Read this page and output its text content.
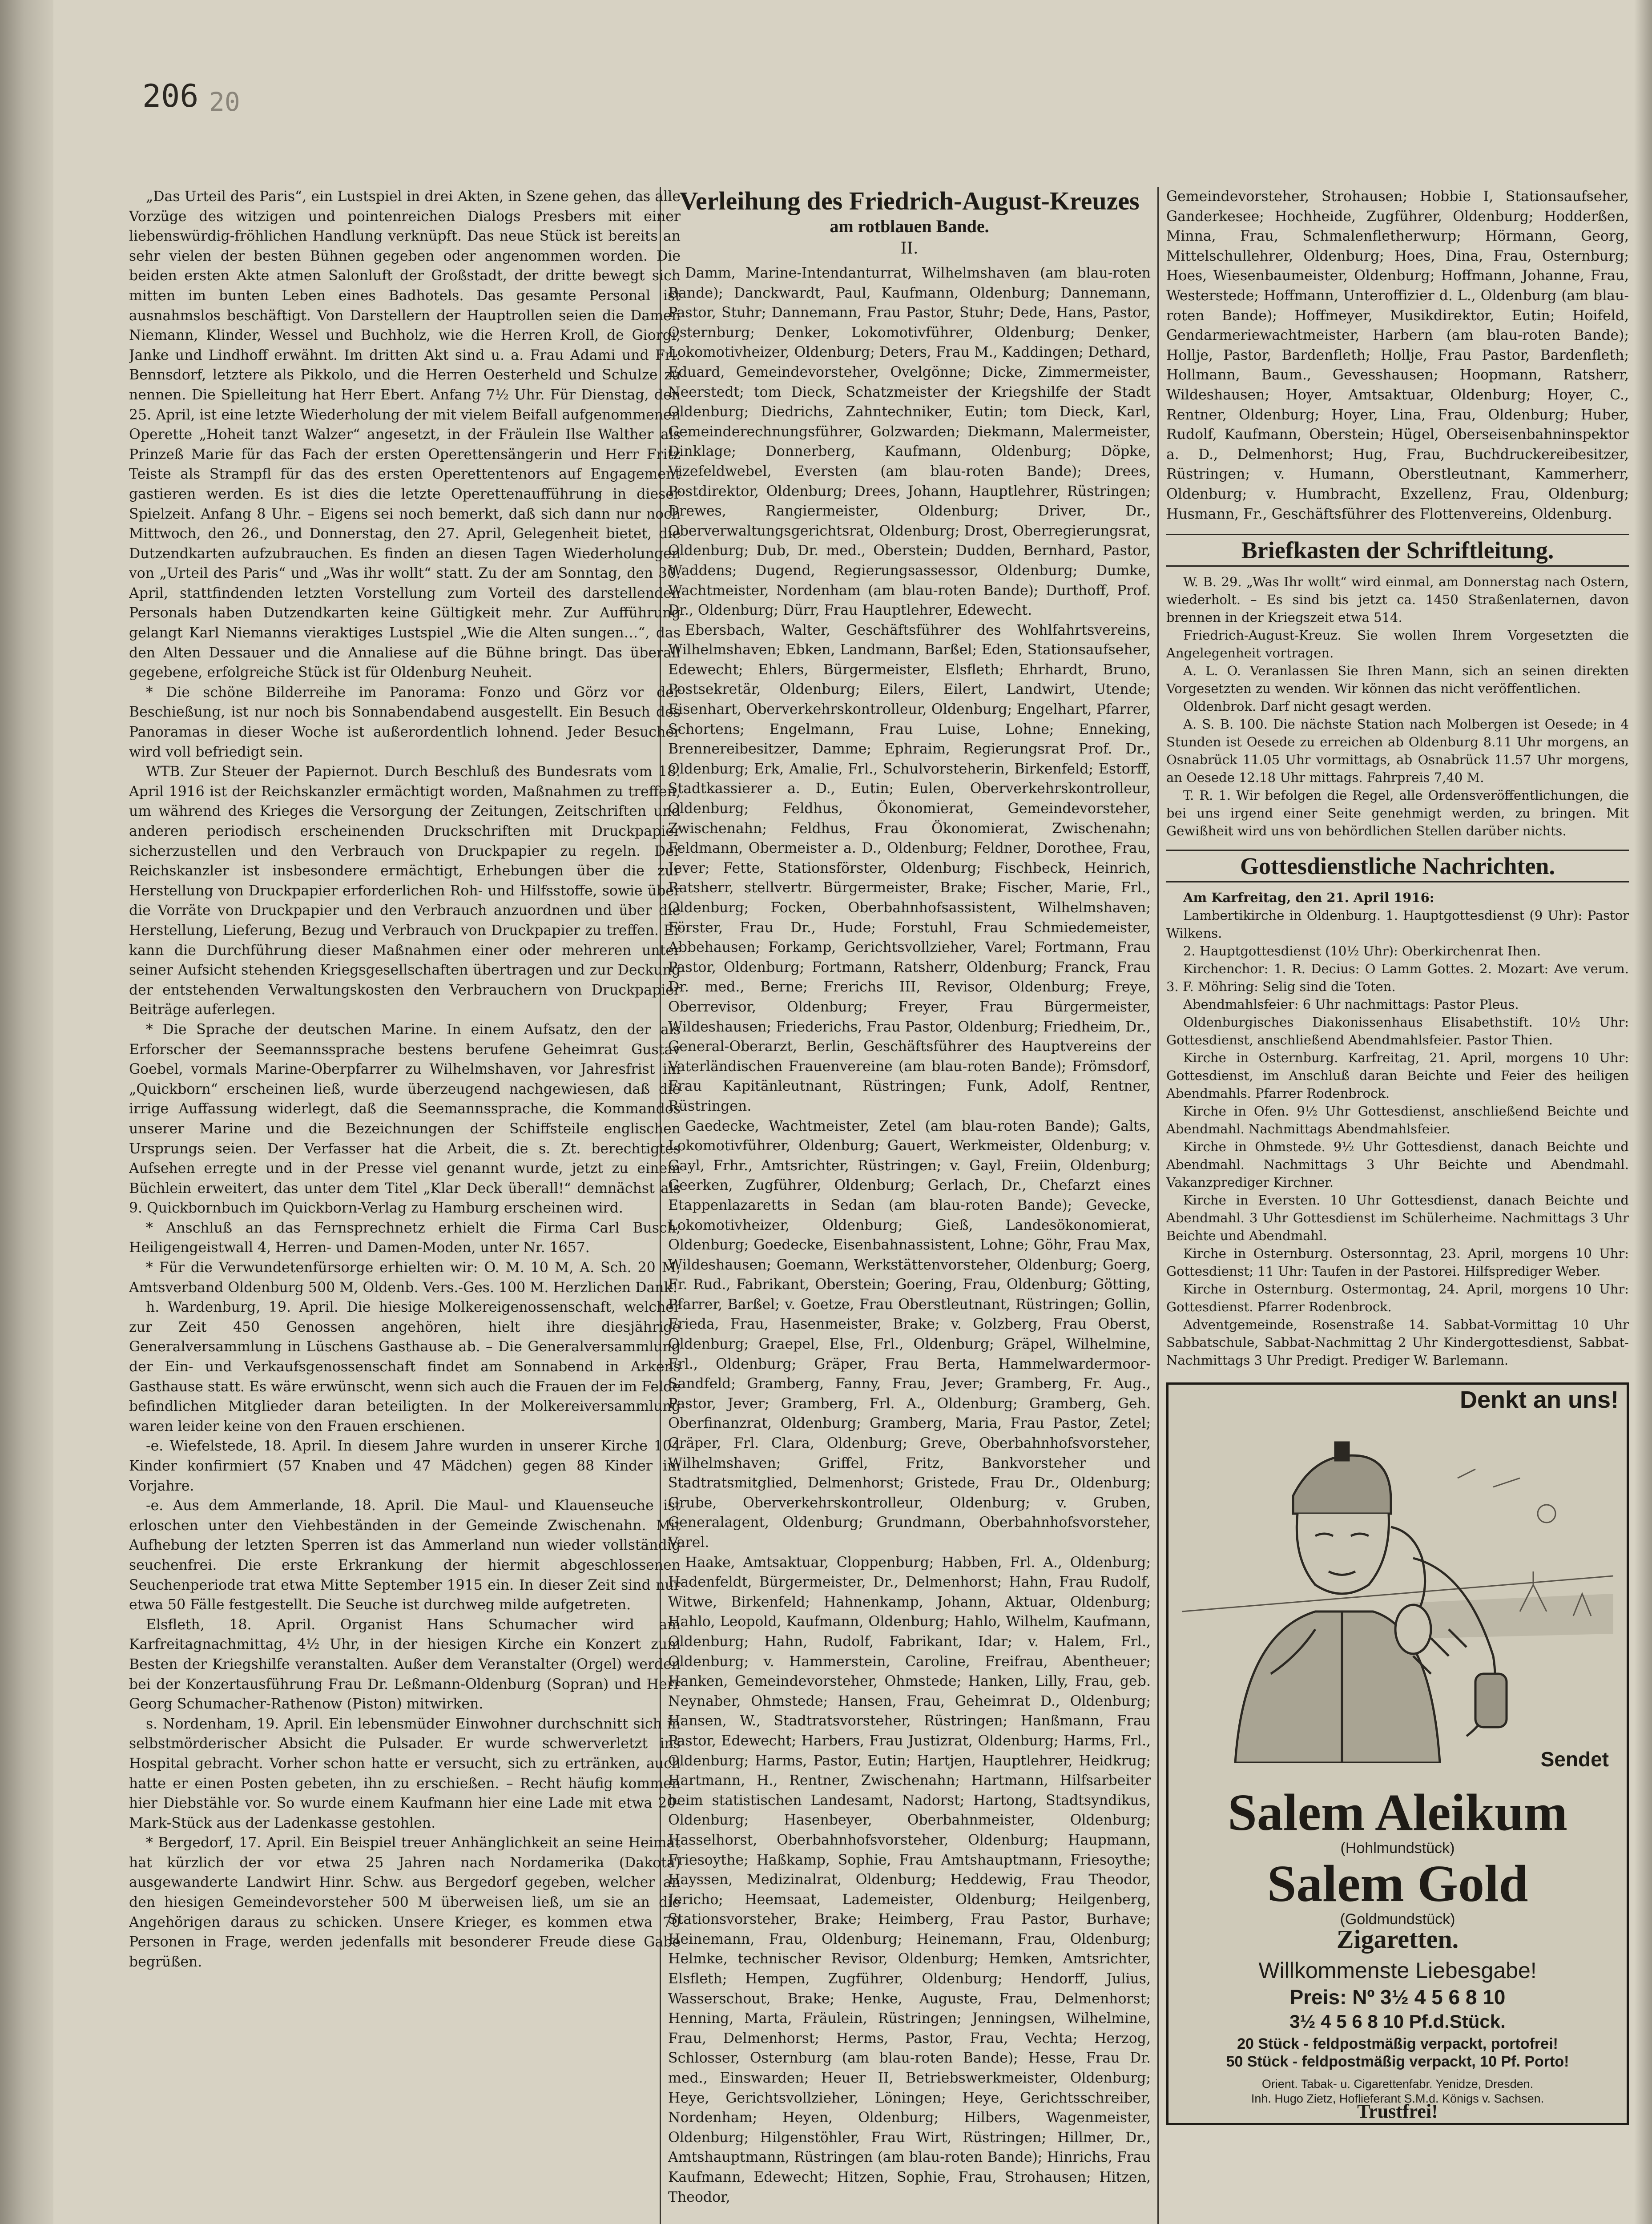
206 20

„Das Urteil des Paris“, ein Lustspiel in drei Akten, in Szene gehen, das alle Vorzüge des witzigen und pointenreichen Dialogs Presbers mit einer liebenswürdig-fröhlichen Handlung verknüpft. Das neue Stück ist bereits an sehr vielen der besten Bühnen gegeben oder angenommen worden. Die beiden ersten Akte atmen Salonluft der Großstadt, der dritte bewegt sich mitten im bunten Leben eines Badhotels. Das gesamte Personal ist ausnahmslos beschäftigt. Von Darstellern der Hauptrollen seien die Damen Niemann, Klinder, Wessel und Buchholz, wie die Herren Kroll, de Giorgi, Janke und Lindhoff erwähnt. Im dritten Akt sind u. a. Frau Adami und Frl. Bennsdorf, letztere als Pikkolo, und die Herren Oesterheld und Schulze zu nennen. Die Spielleitung hat Herr Ebert. Anfang 7½ Uhr. Für Dienstag, den 25. April, ist eine letzte Wiederholung der mit vielem Beifall aufgenommenen Operette „Hoheit tanzt Walzer“ angesetzt, in der Fräulein Ilse Walther als Prinzeß Marie für das Fach der ersten Operettensängerin und Herr Fritz Teiste als Strampfl für das des ersten Operettentenors auf Engagement gastieren werden. Es ist dies die letzte Operettenaufführung in dieser Spielzeit. Anfang 8 Uhr. – Eigens sei noch bemerkt, daß sich dann nur noch Mittwoch, den 26., und Donnerstag, den 27. April, Gelegenheit bietet, die Dutzendkarten aufzubrauchen. Es finden an diesen Tagen Wiederholungen von „Urteil des Paris“ und „Was ihr wollt“ statt. Zu der am Sonntag, den 30. April, stattfindenden letzten Vorstellung zum Vorteil des darstellenden Personals haben Dutzendkarten keine Gültigkeit mehr. Zur Aufführung gelangt Karl Niemanns vieraktiges Lustspiel „Wie die Alten sungen…“, das den Alten Dessauer und die Annaliese auf die Bühne bringt. Das überall gegebene, erfolgreiche Stück ist für Oldenburg Neuheit.

* Die schöne Bilderreihe im Panorama: Fonzo und Görz vor der Beschießung, ist nur noch bis Sonnabendabend ausgestellt. Ein Besuch des Panoramas in dieser Woche ist außerordentlich lohnend. Jeder Besucher wird voll befriedigt sein.

WTB. Zur Steuer der Papiernot. Durch Beschluß des Bundesrats vom 18. April 1916 ist der Reichskanzler ermächtigt worden, Maßnahmen zu treffen, um während des Krieges die Versorgung der Zeitungen, Zeitschriften und anderen periodisch erscheinenden Druckschriften mit Druckpapier sicherzustellen und den Verbrauch von Druckpapier zu regeln. Der Reichskanzler ist insbesondere ermächtigt, Erhebungen über die zur Herstellung von Druckpapier erforderlichen Roh- und Hilfsstoffe, sowie über die Vorräte von Druckpapier und den Verbrauch anzuordnen und über die Herstellung, Lieferung, Bezug und Verbrauch von Druckpapier zu treffen. Er kann die Durchführung dieser Maßnahmen einer oder mehreren unter seiner Aufsicht stehenden Kriegsgesellschaften übertragen und zur Deckung der entstehenden Verwaltungskosten den Verbrauchern von Druckpapier Beiträge auferlegen.

* Die Sprache der deutschen Marine. In einem Aufsatz, den der als Erforscher der Seemannssprache bestens berufene Geheimrat Gustav Goebel, vormals Marine-Oberpfarrer zu Wilhelmshaven, vor Jahresfrist im „Quickborn“ erscheinen ließ, wurde überzeugend nachgewiesen, daß die irrige Auffassung widerlegt, daß die Seemannssprache, die Kommandos unserer Marine und die Bezeichnungen der Schiffsteile englischen Ursprungs seien. Der Verfasser hat die Arbeit, die s. Zt. berechtigtes Aufsehen erregte und in der Presse viel genannt wurde, jetzt zu einem Büchlein erweitert, das unter dem Titel „Klar Deck überall!“ demnächst als 9. Quickbornbuch im Quickborn-Verlag zu Hamburg erscheinen wird.

* Anschluß an das Fernsprechnetz erhielt die Firma Carl Busch, Heiligengeistwall 4, Herren- und Damen-Moden, unter Nr. 1657.

* Für die Verwundetenfürsorge erhielten wir: O. M. 10 M, A. Sch. 20 M, Amtsverband Oldenburg 500 M, Oldenb. Vers.-Ges. 100 M. Herzlichen Dank!

h. Wardenburg, 19. April. Die hiesige Molkereigenossenschaft, welcher zur Zeit 450 Genossen angehören, hielt ihre diesjährige Generalversammlung in Lüschens Gasthause ab. – Die Generalversammlung der Ein- und Verkaufsgenossenschaft findet am Sonnabend in Arkens Gasthause statt. Es wäre erwünscht, wenn sich auch die Frauen der im Felde befindlichen Mitglieder daran beteiligten. In der Molkereiversammlung waren leider keine von den Frauen erschienen.

-e. Wiefelstede, 18. April. In diesem Jahre wurden in unserer Kirche 104 Kinder konfirmiert (57 Knaben und 47 Mädchen) gegen 88 Kinder im Vorjahre.

-e. Aus dem Ammerlande, 18. April. Die Maul- und Klauenseuche ist erloschen unter den Viehbeständen in der Gemeinde Zwischenahn. Mit Aufhebung der letzten Sperren ist das Ammerland nun wieder vollständig seuchenfrei. Die erste Erkrankung der hiermit abgeschlossenen Seuchenperiode trat etwa Mitte September 1915 ein. In dieser Zeit sind nur etwa 50 Fälle festgestellt. Die Seuche ist durchweg milde aufgetreten.

Elsfleth, 18. April. Organist Hans Schumacher wird am Karfreitagnachmittag, 4½ Uhr, in der hiesigen Kirche ein Konzert zum Besten der Kriegshilfe veranstalten. Außer dem Veranstalter (Orgel) werden bei der Konzertausführung Frau Dr. Leßmann-Oldenburg (Sopran) und Herr Georg Schumacher-Rathenow (Piston) mitwirken.

s. Nordenham, 19. April. Ein lebensmüder Einwohner durchschnitt sich in selbstmörderischer Absicht die Pulsader. Er wurde schwerverletzt ins Hospital gebracht. Vorher schon hatte er versucht, sich zu ertränken, auch hatte er einen Posten gebeten, ihn zu erschießen. – Recht häufig kommen hier Diebstähle vor. So wurde einem Kaufmann hier eine Lade mit etwa 20-Mark-Stück aus der Ladenkasse gestohlen.

* Bergedorf, 17. April. Ein Beispiel treuer Anhänglichkeit an seine Heimat hat kürzlich der vor etwa 25 Jahren nach Nordamerika (Dakota) ausgewanderte Landwirt Hinr. Schw. aus Bergedorf gegeben, welcher an den hiesigen Gemeindevorsteher 500 M überweisen ließ, um sie an die Angehörigen daraus zu schicken. Unsere Krieger, es kommen etwa 70 Personen in Frage, werden jedenfalls mit besonderer Freude diese Gabe begrüßen.

Verleihung des Friedrich-August-Kreuzes

am rotblauen Bande.

II.

Damm, Marine-Intendanturrat, Wilhelmshaven (am blau-roten Bande); Danckwardt, Paul, Kaufmann, Oldenburg; Dannemann, Pastor, Stuhr; Dannemann, Frau Pastor, Stuhr; Dede, Hans, Pastor, Osternburg; Denker, Lokomotivführer, Oldenburg; Denker, Lokomotivheizer, Oldenburg; Deters, Frau M., Kaddingen; Dethard, Eduard, Gemeindevorsteher, Ovelgönne; Dicke, Zimmermeister, Neerstedt; tom Dieck, Schatzmeister der Kriegshilfe der Stadt Oldenburg; Diedrichs, Zahntechniker, Eutin; tom Dieck, Karl, Gemeinderechnungsführer, Golzwarden; Diekmann, Malermeister, Dinklage; Donnerberg, Kaufmann, Oldenburg; Döpke, Vizefeldwebel, Eversten (am blau-roten Bande); Drees, Postdirektor, Oldenburg; Drees, Johann, Hauptlehrer, Rüstringen; Drewes, Rangiermeister, Oldenburg; Driver, Dr., Oberverwaltungsgerichtsrat, Oldenburg; Drost, Oberregierungsrat, Oldenburg; Dub, Dr. med., Oberstein; Dudden, Bernhard, Pastor, Waddens; Dugend, Regierungsassessor, Oldenburg; Dumke, Wachtmeister, Nordenham (am blau-roten Bande); Durthoff, Prof. Dr., Oldenburg; Dürr, Frau Hauptlehrer, Edewecht.

Ebersbach, Walter, Geschäftsführer des Wohlfahrtsvereins, Wilhelmshaven; Ebken, Landmann, Barßel; Eden, Stationsaufseher, Edewecht; Ehlers, Bürgermeister, Elsfleth; Ehrhardt, Bruno, Postsekretär, Oldenburg; Eilers, Eilert, Landwirt, Utende; Eisenhart, Oberverkehrskontrolleur, Oldenburg; Engelhart, Pfarrer, Schortens; Engelmann, Frau Luise, Lohne; Enneking, Brennereibesitzer, Damme; Ephraim, Regierungsrat Prof. Dr., Oldenburg; Erk, Amalie, Frl., Schulvorsteherin, Birkenfeld; Estorff, Stadtkassierer a. D., Eutin; Eulen, Oberverkehrskontrolleur, Oldenburg; Feldhus, Ökonomierat, Gemeindevorsteher, Zwischenahn; Feldhus, Frau Ökonomierat, Zwischenahn; Feldmann, Obermeister a. D., Oldenburg; Feldner, Dorothee, Frau, Jever; Fette, Stationsförster, Oldenburg; Fischbeck, Heinrich, Ratsherr, stellvertr. Bürgermeister, Brake; Fischer, Marie, Frl., Oldenburg; Focken, Oberbahnhofsassistent, Wilhelmshaven; Förster, Frau Dr., Hude; Forstuhl, Frau Schmiedemeister, Abbehausen; Forkamp, Gerichtsvollzieher, Varel; Fortmann, Frau Pastor, Oldenburg; Fortmann, Ratsherr, Oldenburg; Franck, Frau Dr. med., Berne; Frerichs III, Revisor, Oldenburg; Freye, Oberrevisor, Oldenburg; Freyer, Frau Bürgermeister, Wildeshausen; Friederichs, Frau Pastor, Oldenburg; Friedheim, Dr., General-Oberarzt, Berlin, Geschäftsführer des Hauptvereins der Vaterländischen Frauenvereine (am blau-roten Bande); Frömsdorf, Frau Kapitänleutnant, Rüstringen; Funk, Adolf, Rentner, Rüstringen.

Gaedecke, Wachtmeister, Zetel (am blau-roten Bande); Galts, Lokomotivführer, Oldenburg; Gauert, Werkmeister, Oldenburg; v. Gayl, Frhr., Amtsrichter, Rüstringen; v. Gayl, Freiin, Oldenburg; Geerken, Zugführer, Oldenburg; Gerlach, Dr., Chefarzt eines Etappenlazaretts in Sedan (am blau-roten Bande); Gevecke, Lokomotivheizer, Oldenburg; Gieß, Landesökonomierat, Oldenburg; Goedecke, Eisenbahnassistent, Lohne; Göhr, Frau Max, Wildeshausen; Goemann, Werkstättenvorsteher, Oldenburg; Goerg, Fr. Rud., Fabrikant, Oberstein; Goering, Frau, Oldenburg; Götting, Pfarrer, Barßel; v. Goetze, Frau Oberstleutnant, Rüstringen; Gollin, Frieda, Frau, Hasenmeister, Brake; v. Golzberg, Frau Oberst, Oldenburg; Graepel, Else, Frl., Oldenburg; Gräpel, Wilhelmine, Frl., Oldenburg; Gräper, Frau Berta, Hammelwardermoor-Sandfeld; Gramberg, Fanny, Frau, Jever; Gramberg, Fr. Aug., Pastor, Jever; Gramberg, Frl. A., Oldenburg; Gramberg, Geh. Oberfinanzrat, Oldenburg; Gramberg, Maria, Frau Pastor, Zetel; Gräper, Frl. Clara, Oldenburg; Greve, Oberbahnhofsvorsteher, Wilhelmshaven; Griffel, Fritz, Bankvorsteher und Stadtratsmitglied, Delmenhorst; Gristede, Frau Dr., Oldenburg; Grube, Oberverkehrskontrolleur, Oldenburg; v. Gruben, Generalagent, Oldenburg; Grundmann, Oberbahnhofsvorsteher, Varel.

Haake, Amtsaktuar, Cloppenburg; Habben, Frl. A., Oldenburg; Hadenfeldt, Bürgermeister, Dr., Delmenhorst; Hahn, Frau Rudolf, Witwe, Birkenfeld; Hahnenkamp, Johann, Aktuar, Oldenburg; Hahlo, Leopold, Kaufmann, Oldenburg; Hahlo, Wilhelm, Kaufmann, Oldenburg; Hahn, Rudolf, Fabrikant, Idar; v. Halem, Frl., Oldenburg; v. Hammerstein, Caroline, Freifrau, Abentheuer; Hanken, Gemeindevorsteher, Ohmstede; Hanken, Lilly, Frau, geb. Neynaber, Ohmstede; Hansen, Frau, Geheimrat D., Oldenburg; Hansen, W., Stadtratsvorsteher, Rüstringen; Hanßmann, Frau Pastor, Edewecht; Harbers, Frau Justizrat, Oldenburg; Harms, Frl., Oldenburg; Harms, Pastor, Eutin; Hartjen, Hauptlehrer, Heidkrug; Hartmann, H., Rentner, Zwischenahn; Hartmann, Hilfsarbeiter beim statistischen Landesamt, Nadorst; Hartong, Stadtsyndikus, Oldenburg; Hasenbeyer, Oberbahnmeister, Oldenburg; Hasselhorst, Oberbahnhofsvorsteher, Oldenburg; Haupmann, Friesoythe; Haßkamp, Sophie, Frau Amtshauptmann, Friesoythe; Hayssen, Medizinalrat, Oldenburg; Heddewig, Frau Theodor, Jericho; Heemsaat, Lademeister, Oldenburg; Heilgenberg, Stationsvorsteher, Brake; Heimberg, Frau Pastor, Burhave; Heinemann, Frau, Oldenburg; Heinemann, Frau, Oldenburg; Helmke, technischer Revisor, Oldenburg; Hemken, Amtsrichter, Elsfleth; Hempen, Zugführer, Oldenburg; Hendorff, Julius, Wasserschout, Brake; Henke, Auguste, Frau, Delmenhorst; Henning, Marta, Fräulein, Rüstringen; Jenningsen, Wilhelmine, Frau, Delmenhorst; Herms, Pastor, Frau, Vechta; Herzog, Schlosser, Osternburg (am blau-roten Bande); Hesse, Frau Dr. med., Einswarden; Heuer II, Betriebswerkmeister, Oldenburg; Heye, Gerichtsvollzieher, Löningen; Heye, Gerichtsschreiber, Nordenham; Heyen, Oldenburg; Hilbers, Wagenmeister, Oldenburg; Hilgenstöhler, Frau Wirt, Rüstringen; Hillmer, Dr., Amtshauptmann, Rüstringen (am blau-roten Bande); Hinrichs, Frau Kaufmann, Edewecht; Hitzen, Sophie, Frau, Strohausen; Hitzen, Theodor,

Gemeindevorsteher, Strohausen; Hobbie I, Stationsaufseher, Ganderkesee; Hochheide, Zugführer, Oldenburg; Hodderßen, Minna, Frau, Schmalenfletherwurp; Hörmann, Georg, Mittelschullehrer, Oldenburg; Hoes, Dina, Frau, Osternburg; Hoes, Wiesenbaumeister, Oldenburg; Hoffmann, Johanne, Frau, Westerstede; Hoffmann, Unteroffizier d. L., Oldenburg (am blau-roten Bande); Hoffmeyer, Musikdirektor, Eutin; Hoifeld, Gendarmeriewachtmeister, Harbern (am blau-roten Bande); Hollje, Pastor, Bardenfleth; Hollje, Frau Pastor, Bardenfleth; Hollmann, Baum., Gevesshausen; Hoopmann, Ratsherr, Wildeshausen; Hoyer, Amtsaktuar, Oldenburg; Hoyer, C., Rentner, Oldenburg; Hoyer, Lina, Frau, Oldenburg; Huber, Rudolf, Kaufmann, Oberstein; Hügel, Oberseisenbahninspektor a. D., Delmenhorst; Hug, Frau, Buchdruckereibesitzer, Rüstringen; v. Humann, Oberstleutnant, Kammerherr, Oldenburg; v. Humbracht, Exzellenz, Frau, Oldenburg; Husmann, Fr., Geschäftsführer des Flottenvereins, Oldenburg.

Briefkasten der Schriftleitung.

W. B. 29. „Was Ihr wollt“ wird einmal, am Donnerstag nach Ostern, wiederholt. – Es sind bis jetzt ca. 1450 Straßenlaternen, davon brennen in der Kriegszeit etwa 514.

Friedrich-August-Kreuz. Sie wollen Ihrem Vorgesetzten die Angelegenheit vortragen.

A. L. O. Veranlassen Sie Ihren Mann, sich an seinen direkten Vorgesetzten zu wenden. Wir können das nicht veröffentlichen.

Oldenbrok. Darf nicht gesagt werden.

A. S. B. 100. Die nächste Station nach Molbergen ist Oesede; in 4 Stunden ist Oesede zu erreichen ab Oldenburg 8.11 Uhr morgens, an Osnabrück 11.05 Uhr vormittags, ab Osnabrück 11.57 Uhr morgens, an Oesede 12.18 Uhr mittags. Fahrpreis 7,40 M.

T. R. 1. Wir befolgen die Regel, alle Ordensveröffentlichungen, die bei uns irgend einer Seite genehmigt werden, zu bringen. Mit Gewißheit wird uns von behördlichen Stellen darüber nichts.

Gottesdienstliche Nachrichten.

Am Karfreitag, den 21. April 1916:

Lambertikirche in Oldenburg. 1. Hauptgottesdienst (9 Uhr): Pastor Wilkens.

2. Hauptgottesdienst (10½ Uhr): Oberkirchenrat Ihen.

Kirchenchor: 1. R. Decius: O Lamm Gottes. 2. Mozart: Ave verum. 3. F. Möhring: Selig sind die Toten.

Abendmahlsfeier: 6 Uhr nachmittags: Pastor Pleus.

Oldenburgisches Diakonissenhaus Elisabethstift. 10½ Uhr: Gottesdienst, anschließend Abendmahlsfeier. Pastor Thien.

Kirche in Osternburg. Karfreitag, 21. April, morgens 10 Uhr: Gottesdienst, im Anschluß daran Beichte und Feier des heiligen Abendmahls. Pfarrer Rodenbrock.

Kirche in Ofen. 9½ Uhr Gottesdienst, anschließend Beichte und Abendmahl. Nachmittags Abendmahlsfeier.

Kirche in Ohmstede. 9½ Uhr Gottesdienst, danach Beichte und Abendmahl. Nachmittags 3 Uhr Beichte und Abendmahl. Vakanzprediger Kirchner.

Kirche in Eversten. 10 Uhr Gottesdienst, danach Beichte und Abendmahl. 3 Uhr Gottesdienst im Schülerheime. Nachmittags 3 Uhr Beichte und Abendmahl.

Kirche in Osternburg. Ostersonntag, 23. April, morgens 10 Uhr: Gottesdienst; 11 Uhr: Taufen in der Pastorei. Hilfsprediger Weber.

Kirche in Osternburg. Ostermontag, 24. April, morgens 10 Uhr: Gottesdienst. Pfarrer Rodenbrock.

Adventgemeinde, Rosenstraße 14. Sabbat-Vormittag 10 Uhr Sabbatschule, Sabbat-Nachmittag 2 Uhr Kindergottesdienst, Sabbat-Nachmittags 3 Uhr Predigt. Prediger W. Barlemann.

Denkt an uns!
Sendet
Salem Aleikum
(Hohlmundstück)
Salem Gold
(Goldmundstück)
Zigaretten.
Willkommenste Liebesgabe!
Preis: Nº 3½ 4 5 6 8 10
3½ 4 5 6 8 10 Pf.d.Stück.
20 Stück - feldpostmäßig verpackt, portofrei!
50 Stück - feldpostmäßig verpackt, 10 Pf. Porto!
Orient. Tabak- u. Cigarettenfabr. Yenidze, Dresden.
Inh. Hugo Zietz, Hoflieferant S.M.d. Königs v. Sachsen.
Trustfrei!
